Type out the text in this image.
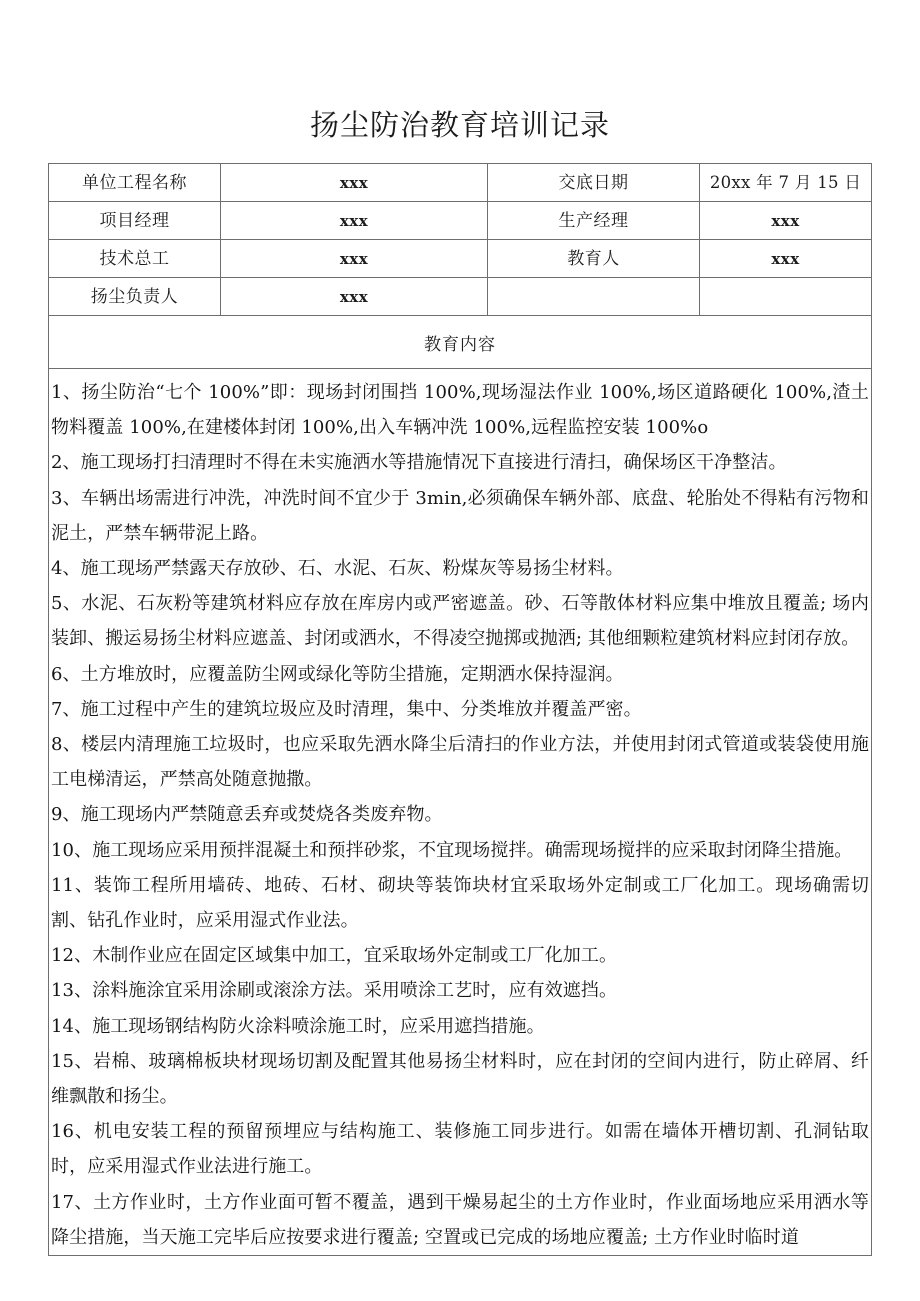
扬尘防治教育培训记录
单位工程名称	xxx	交底日期	20xx 年 7 月 15 日
项目经理	xxx	生产经理	xxx
技术总工	xxx	教育人	xxx
扬尘负责人	xxx		
教育内容			

1、扬尘防治“七个 100%”即：现场封闭围挡 100%,现场湿法作业 100%,场区道路硬化 100%,渣土物料覆盖 100%,在建楼体封闭 100%,出入车辆冲洗 100%,远程监控安装 100%o

2、施工现场打扫清理时不得在未实施洒水等措施情况下直接进行清扫，确保场区干净整洁。

3、车辆出场需进行冲洗，冲洗时间不宜少于 3min,必须确保车辆外部、底盘、轮胎处不得粘有污物和泥土，严禁车辆带泥上路。

4、施工现场严禁露天存放砂、石、水泥、石灰、粉煤灰等易扬尘材料。

5、水泥、石灰粉等建筑材料应存放在库房内或严密遮盖。砂、石等散体材料应集中堆放且覆盖; 场内装卸、搬运易扬尘材料应遮盖、封闭或洒水，不得凌空抛掷或抛洒; 其他细颗粒建筑材料应封闭存放。

6、土方堆放时，应覆盖防尘网或绿化等防尘措施，定期洒水保持湿润。

7、施工过程中产生的建筑垃圾应及时清理，集中、分类堆放并覆盖严密。

8、楼层内清理施工垃圾时，也应采取先洒水降尘后清扫的作业方法，并使用封闭式管道或装袋使用施工电梯清运，严禁高处随意抛撒。

9、施工现场内严禁随意丢弃或焚烧各类废弃物。

10、施工现场应采用预拌混凝土和预拌砂浆，不宜现场搅拌。确需现场搅拌的应采取封闭降尘措施。

11、装饰工程所用墙砖、地砖、石材、砌块等装饰块材宜采取场外定制或工厂化加工。现场确需切割、钻孔作业时，应采用湿式作业法。

12、木制作业应在固定区域集中加工，宜采取场外定制或工厂化加工。

13、涂料施涂宜采用涂刷或滚涂方法。采用喷涂工艺时，应有效遮挡。

14、施工现场钢结构防火涂料喷涂施工时，应采用遮挡措施。

15、岩棉、玻璃棉板块材现场切割及配置其他易扬尘材料时，应在封闭的空间内进行，防止碎屑、纤维飘散和扬尘。

16、机电安装工程的预留预埋应与结构施工、装修施工同步进行。如需在墙体开槽切割、孔洞钻取时，应采用湿式作业法进行施工。

17、土方作业时，土方作业面可暂不覆盖，遇到干燥易起尘的土方作业时，作业面场地应采用洒水等降尘措施，当天施工完毕后应按要求进行覆盖; 空置或已完成的场地应覆盖; 土方作业时临时道
